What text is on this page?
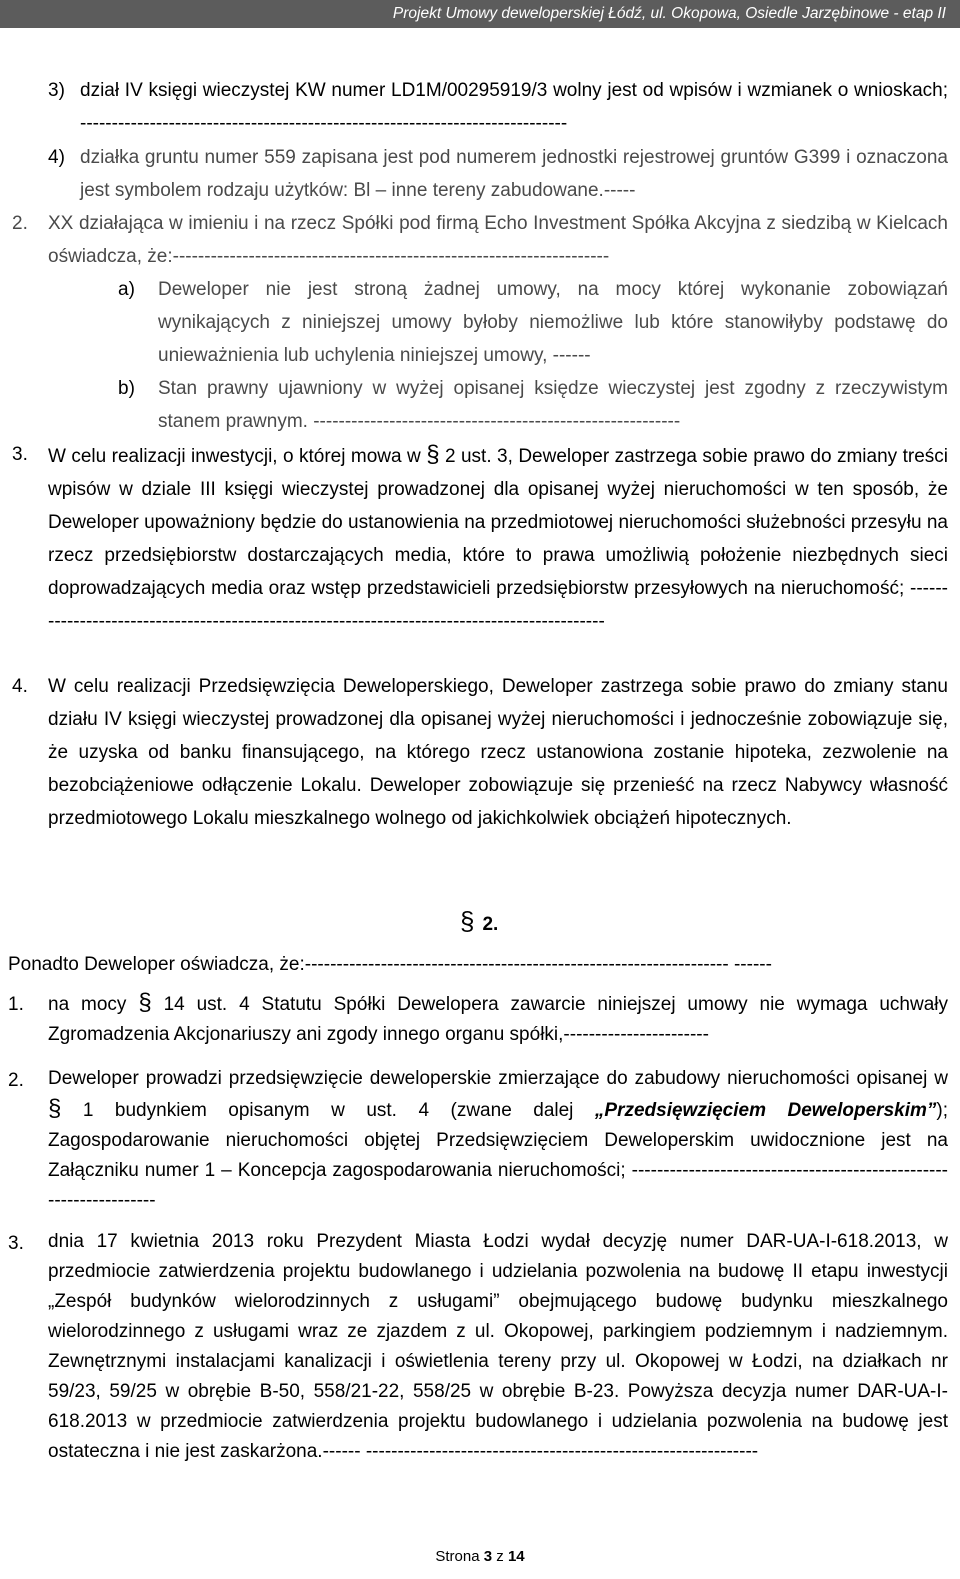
Projekt Umowy deweloperskiej Łódź, ul. Okopowa, Osiedle Jarzębinowe - etap II
3) dział IV księgi wieczystej KW numer LD1M/00295919/3 wolny jest od wpisów i wzmianek o wnioskach; -----------------------------------------------------------------------------
4) działka gruntu numer 559 zapisana jest pod numerem jednostki rejestrowej gruntów G399 i oznaczona jest symbolem rodzaju użytków: Bl – inne tereny zabudowane.-----
2. XX działająca w imieniu i na rzecz Spółki pod firmą Echo Investment Spółka Akcyjna z siedzibą w Kielcach oświadcza, że:---------------------------------------------------------------------
a) Deweloper nie jest stroną żadnej umowy, na mocy której wykonanie zobowiązań wynikających z niniejszej umowy byłoby niemożliwe lub które stanowiłyby podstawę do unieważnienia lub uchylenia niniejszej umowy, ------
b) Stan prawny ujawniony w wyżej opisanej księdze wieczystej jest zgodny z rzeczywistym stanem prawnym. ----------------------------------------------------------
3. W celu realizacji inwestycji, o której mowa w § 2 ust. 3, Deweloper zastrzega sobie prawo do zmiany treści wpisów w dziale III księgi wieczystej prowadzonej dla opisanej wyżej nieruchomości w ten sposób, że Deweloper upoważniony będzie do ustanowienia na przedmiotowej nieruchomości służebności przesyłu na rzecz przedsiębiorstw dostarczających media, które to prawa umożliwią położenie niezbędnych sieci doprowadzających media oraz wstęp przedstawicieli przedsiębiorstw przesyłowych na nieruchomość; ----------------------------------------------------------------------------------------------
4. W celu realizacji Przedsięwzięcia Deweloperskiego, Deweloper zastrzega sobie prawo do zmiany stanu działu IV księgi wieczystej prowadzonej dla opisanej wyżej nieruchomości i jednocześnie zobowiązuje się, że uzyska od banku finansującego, na którego rzecz ustanowiona zostanie hipoteka, zezwolenie na bezobciążeniowe odłączenie Lokalu. Deweloper zobowiązuje się przenieść na rzecz Nabywcy własność przedmiotowego Lokalu mieszkalnego wolnego od jakichkolwiek obciążeń hipotecznych.
§ 2.
Ponadto Deweloper oświadcza, że:------------------------------------------------------------------- ------
1. na mocy § 14 ust. 4 Statutu Spółki Dewelopera zawarcie niniejszej umowy nie wymaga uchwały Zgromadzenia Akcjonariuszy ani zgody innego organu spółki,-----------------------
2. Deweloper prowadzi przedsięwzięcie deweloperskie zmierzające do zabudowy nieruchomości opisanej w § 1 budynkiem opisanym w ust. 4 (zwane dalej „Przedsięwzięciem Deweloperskim”); Zagospodarowanie nieruchomości objętej Przedsięwzięciem Deweloperskim uwidocznione jest na Załączniku numer 1 – Koncepcja zagospodarowania nieruchomości; -------------------------------------------------------------------
3. dnia 17 kwietnia 2013 roku Prezydent Miasta Łodzi wydał decyzję numer DAR-UA-I-618.2013, w przedmiocie zatwierdzenia projektu budowlanego i udzielania pozwolenia na budowę II etapu inwestycji „Zespół budynków wielorodzinnych z usługami” obejmującego budowę budynku mieszkalnego wielorodzinnego z usługami wraz ze zjazdem z ul. Okopowej, parkingiem podziemnym i nadziemnym. Zewnętrznymi instalacjami kanalizacji i oświetlenia tereny przy ul. Okopowej w Łodzi, na działkach nr 59/23, 59/25 w obrębie B-50, 558/21-22, 558/25 w obrębie B-23. Powyższa decyzja numer DAR-UA-I-618.2013 w przedmiocie zatwierdzenia projektu budowlanego i udzielania pozwolenia na budowę jest ostateczna i nie jest zaskarżona.------ --------------------------------------------------------------
Strona 3 z 14
